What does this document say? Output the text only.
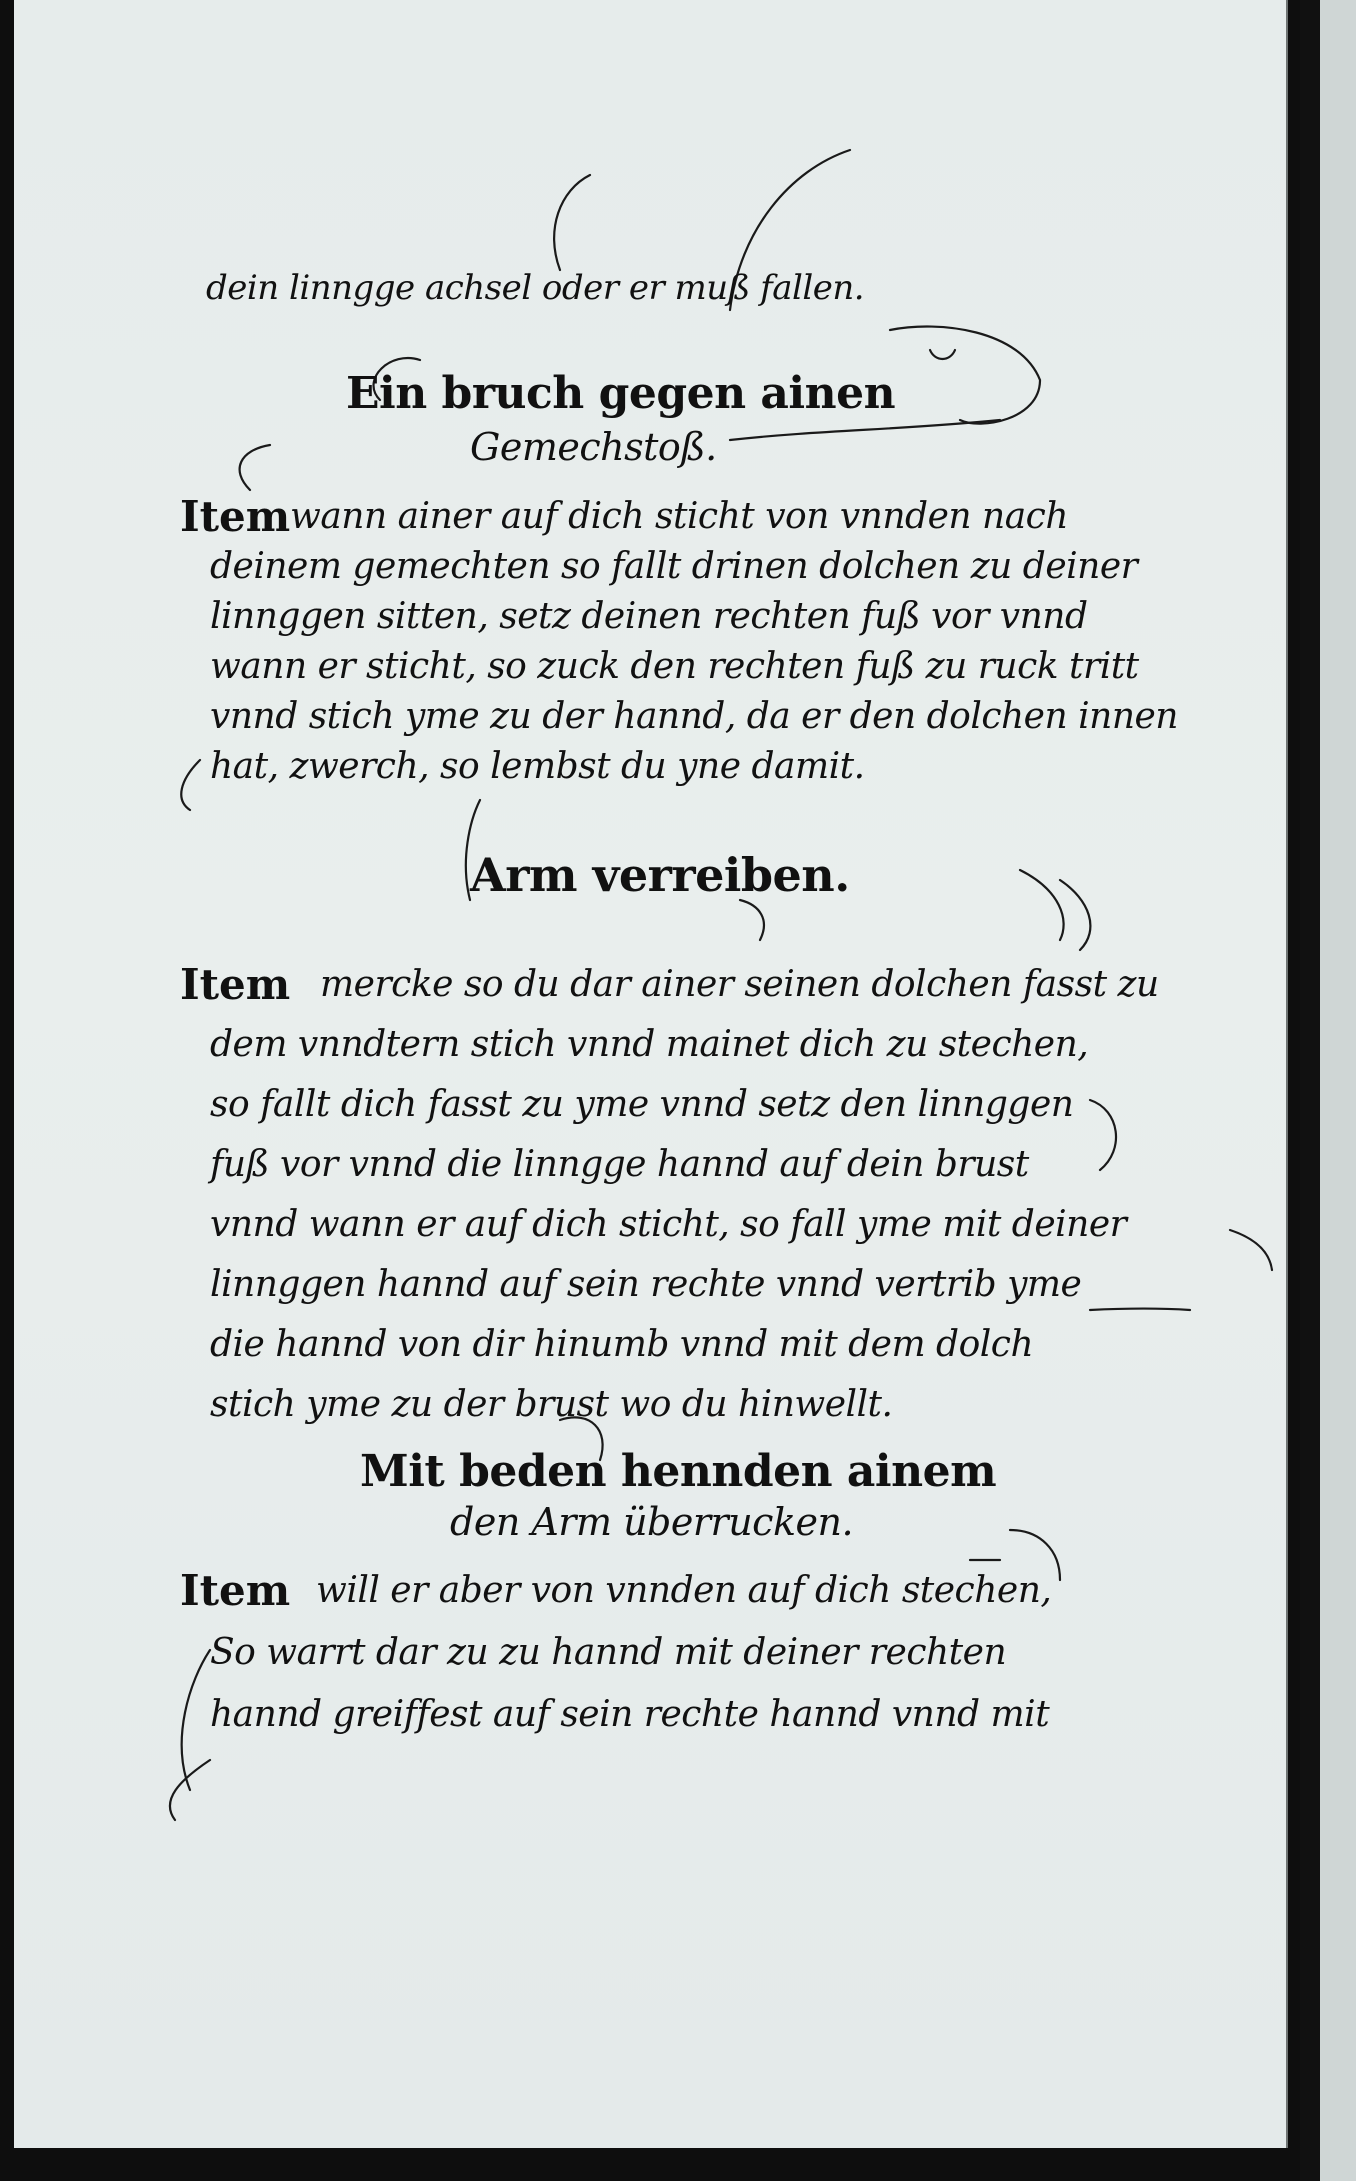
dein linngge achsel oder er muß fallen.
Ein bruch gegen ainen
Gemechstoß.
Item wann ainer auf dich sticht von vnnden nach
deinem gemechten so fallt drinen dolchen zu deiner
linnggen sitten, setz deinen rechten fuß vor vnnd
wann er sticht, so zuck den rechten fuß zu ruck tritt
vnnd stich yme zu der hannd, da er den dolchen innen
hat, zwerch, so lembst du yne damit.
Arm verreiben.
Item mercke so du dar ainer seinen dolchen fasst zu
dem vnndtern stich vnnd mainet dich zu stechen,
so fallt dich fasst zu yme vnnd setz den linnggen
fuß vor vnnd die linngge hannd auf dein brust
vnnd wann er auf dich sticht, so fall yme mit deiner
linnggen hannd auf sein rechte vnnd vertrib yme
die hannd von dir hinumb vnnd mit dem dolch
stich yme zu der brust wo du hinwellt.
Mit beden hennden ainem
den Arm überrucken.
Item will er aber von vnnden auf dich stechen,
So warrt dar zu zu hannd mit deiner rechten
hannd greiffest auf sein rechte hannd vnnd mit
